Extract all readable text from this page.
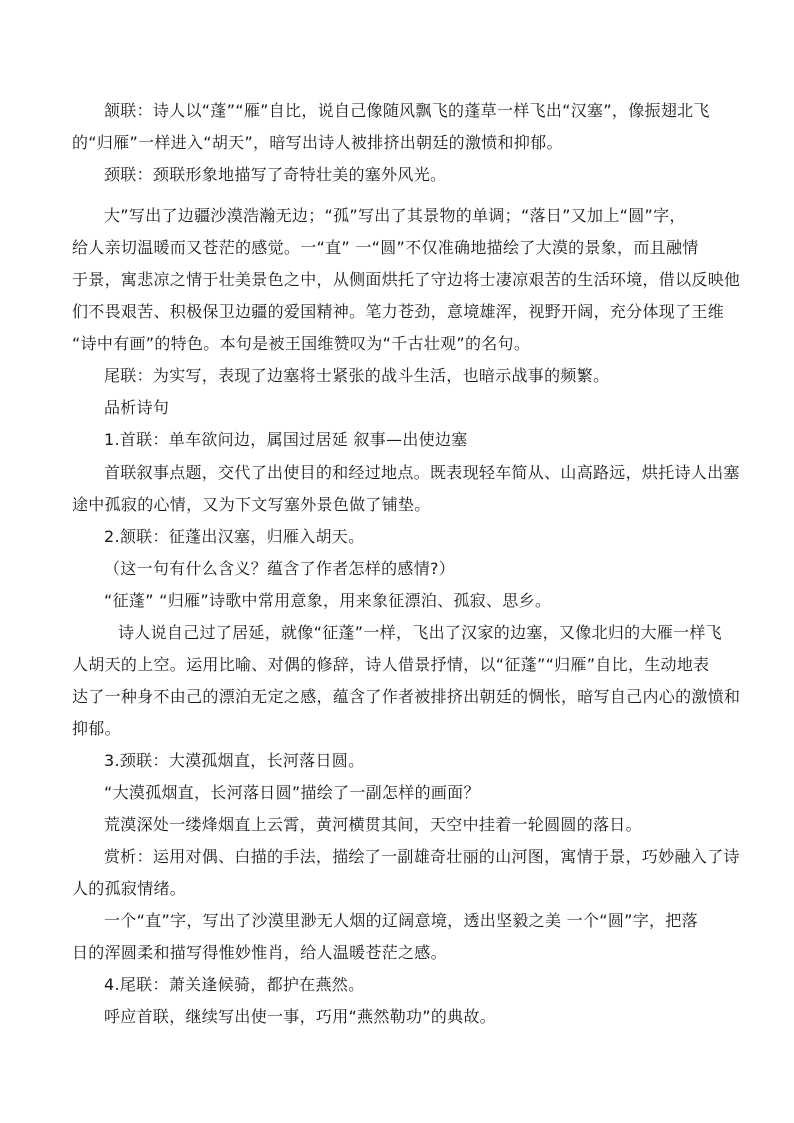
颔联：诗人以“蓬”“雁”自比，说自己像随风飘飞的蓬草一样飞出“汉塞”，像振翅北飞
的“归雁”一样进入“胡天”，暗写出诗人被排挤出朝廷的激愤和抑郁。
颈联：颈联形象地描写了奇特壮美的塞外风光。
大”写出了边疆沙漠浩瀚无边；“孤”写出了其景物的单调；“落日”又加上“圆”字，
给人亲切温暖而又苍茫的感觉。一“直” 一“圆”不仅准确地描绘了大漠的景象，而且融情
于景，寓悲凉之情于壮美景色之中，从侧面烘托了守边将士凄凉艰苦的生活环境，借以反映他
们不畏艰苦、积极保卫边疆的爱国精神。笔力苍劲，意境雄浑，视野开阔，充分体现了王维
“诗中有画”的特色。本句是被王国维赞叹为“千古壮观”的名句。
尾联：为实写，表现了边塞将士紧张的战斗生活，也暗示战事的频繁。
品析诗句
1.首联：单车欲问边，属国过居延 叙事—出使边塞
首联叙事点题，交代了出使目的和经过地点。既表现轻车简从、山高路远，烘托诗人出塞
途中孤寂的心情，又为下文写塞外景色做了铺垫。
2.颔联：征蓬出汉塞，归雁入胡天。
（这一句有什么含义？蕴含了作者怎样的感情?）
“征蓬” “归雁”诗歌中常用意象，用来象征漂泊、孤寂、思乡。
诗人说自己过了居延，就像“征蓬”一样，飞出了汉家的边塞，又像北归的大雁一样飞
人胡天的上空。运用比喻、对偶的修辞，诗人借景抒情，以“征蓬”“归雁”自比，生动地表
达了一种身不由己的漂泊无定之感，蕴含了作者被排挤出朝廷的惆怅，暗写自己内心的激愤和
抑郁。
3.颈联：大漠孤烟直，长河落日圆。
“大漠孤烟直，长河落日圆”描绘了一副怎样的画面？
荒漠深处一缕烽烟直上云霄，黄河横贯其间，天空中挂着一轮圆圆的落日。
赏析：运用对偶、白描的手法，描绘了一副雄奇壮丽的山河图，寓情于景，巧妙融入了诗
人的孤寂情绪。
一个“直”字，写出了沙漠里渺无人烟的辽阔意境，透出坚毅之美 一个“圆”字，把落
日的浑圆柔和描写得惟妙惟肖，给人温暖苍茫之感。
4.尾联：萧关逢候骑，都护在燕然。
呼应首联，继续写出使一事，巧用“燕然勒功”的典故。
